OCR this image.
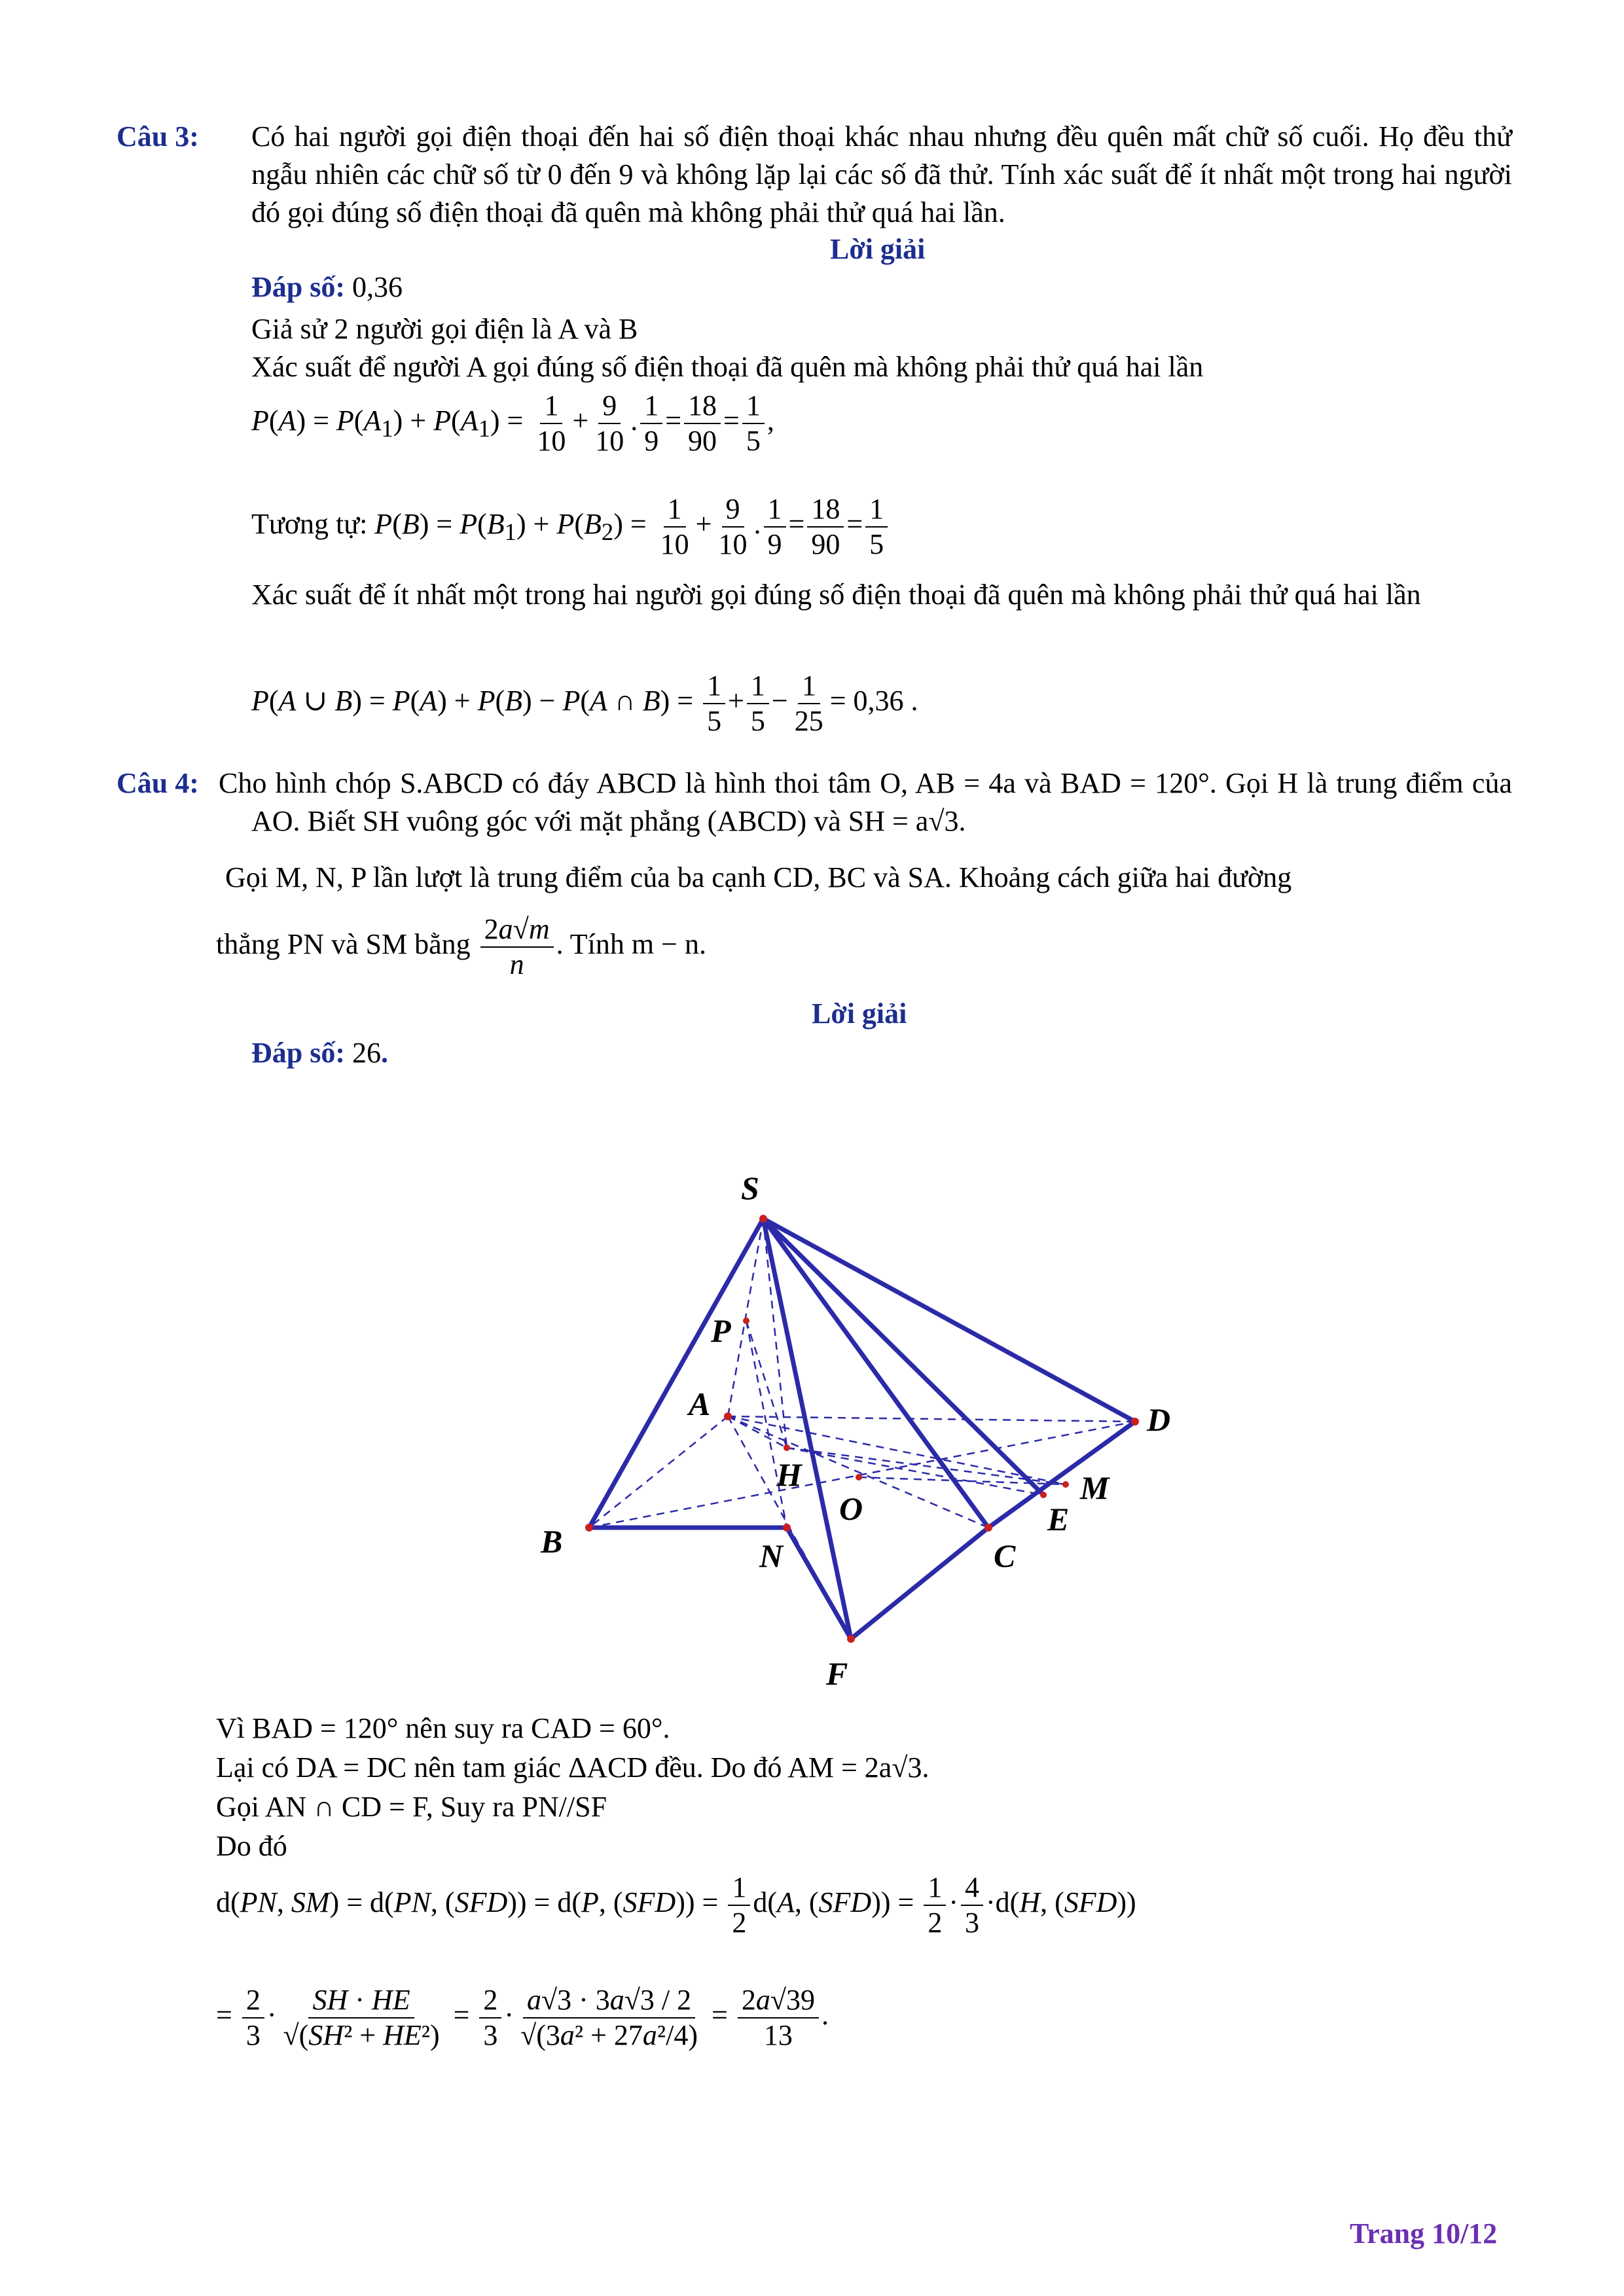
Câu 3: Có hai người gọi điện thoại đến hai số điện thoại khác nhau nhưng đều quên mất chữ số cuối. Họ đều thử ngẫu nhiên các chữ số từ 0 đến 9 và không lặp lại các số đã thử. Tính xác suất để ít nhất một trong hai người đó gọi đúng số điện thoại đã quên mà không phải thử quá hai lần.
Lời giải
Đáp số: 0,36
Giả sử 2 người gọi điện là A và B
Xác suất để người A gọi đúng số điện thoại đã quên mà không phải thử quá hai lần
$P(A) = P(A_1) + P(A_1) = \frac{1}{10} + \frac{9}{10}$ . $\frac{1}{9} = \frac{18}{90} = \frac{1}{5}$ ,
Tương tự: $P(B) = P(B_1) + P(B_2) = \frac{1}{10} + \frac{9}{10}$ . $\frac{1}{9} = \frac{18}{90} = \frac{1}{5}$
Xác suất để ít nhất một trong hai người gọi đúng số điện thoại đã quên mà không phải thử quá hai lần
P(A ∪ B) = P(A) + P(B) − P(A ∩ $B) = \frac{1}{5} + \frac{1}{5} - \frac{1}{25} = 0,36$ .
Câu 4: Cho hình chóp S.ABCD có đáy ABCD là hình thoi tâm O, AB = 4a và BAD = 120°. Gọi H là trung điểm của AO. Biết SH vuông góc với mặt phẳng (ABCD) và SH = a√3.
Gọi M, N, P lần lượt là trung điểm của ba cạnh CD, BC và SA. Khoảng cách giữa hai đường
thẳng PN và SM bằng $\frac{2a√m}{n}$ . Tính m − n.
Lời giải
Đáp số: 26.
S
P
A	D
H	M
O	E
B	N	C
F
Vì BAD = 120° nên suy ra CAD = 60°.
Lại có DA = DC nên tam giác ΔACD đều. Do đó AM = 2a√3.
Gọi AN ∩ CD = F, Suy ra PN//SF
Do đó
d(PN, SM) = d(PN, (SFD)) = d(P, $(SFD)) = \frac{1}{2} d(A$, $(SFD)) = \frac{1}{2} \cdot \frac{4}{3} \cdot d(H$, (SFD))
= $\frac{2}{3} \cdot \frac{SH \cdot HE}{\text{√(SH² + HE²)}} = \frac{2}{3} \cdot \frac{a√3 \cdot 3a√3 / 2}{\text{√(3a² + 27a²/4)}} = \frac{2a√39}{13}$ .
Trang 10/12
